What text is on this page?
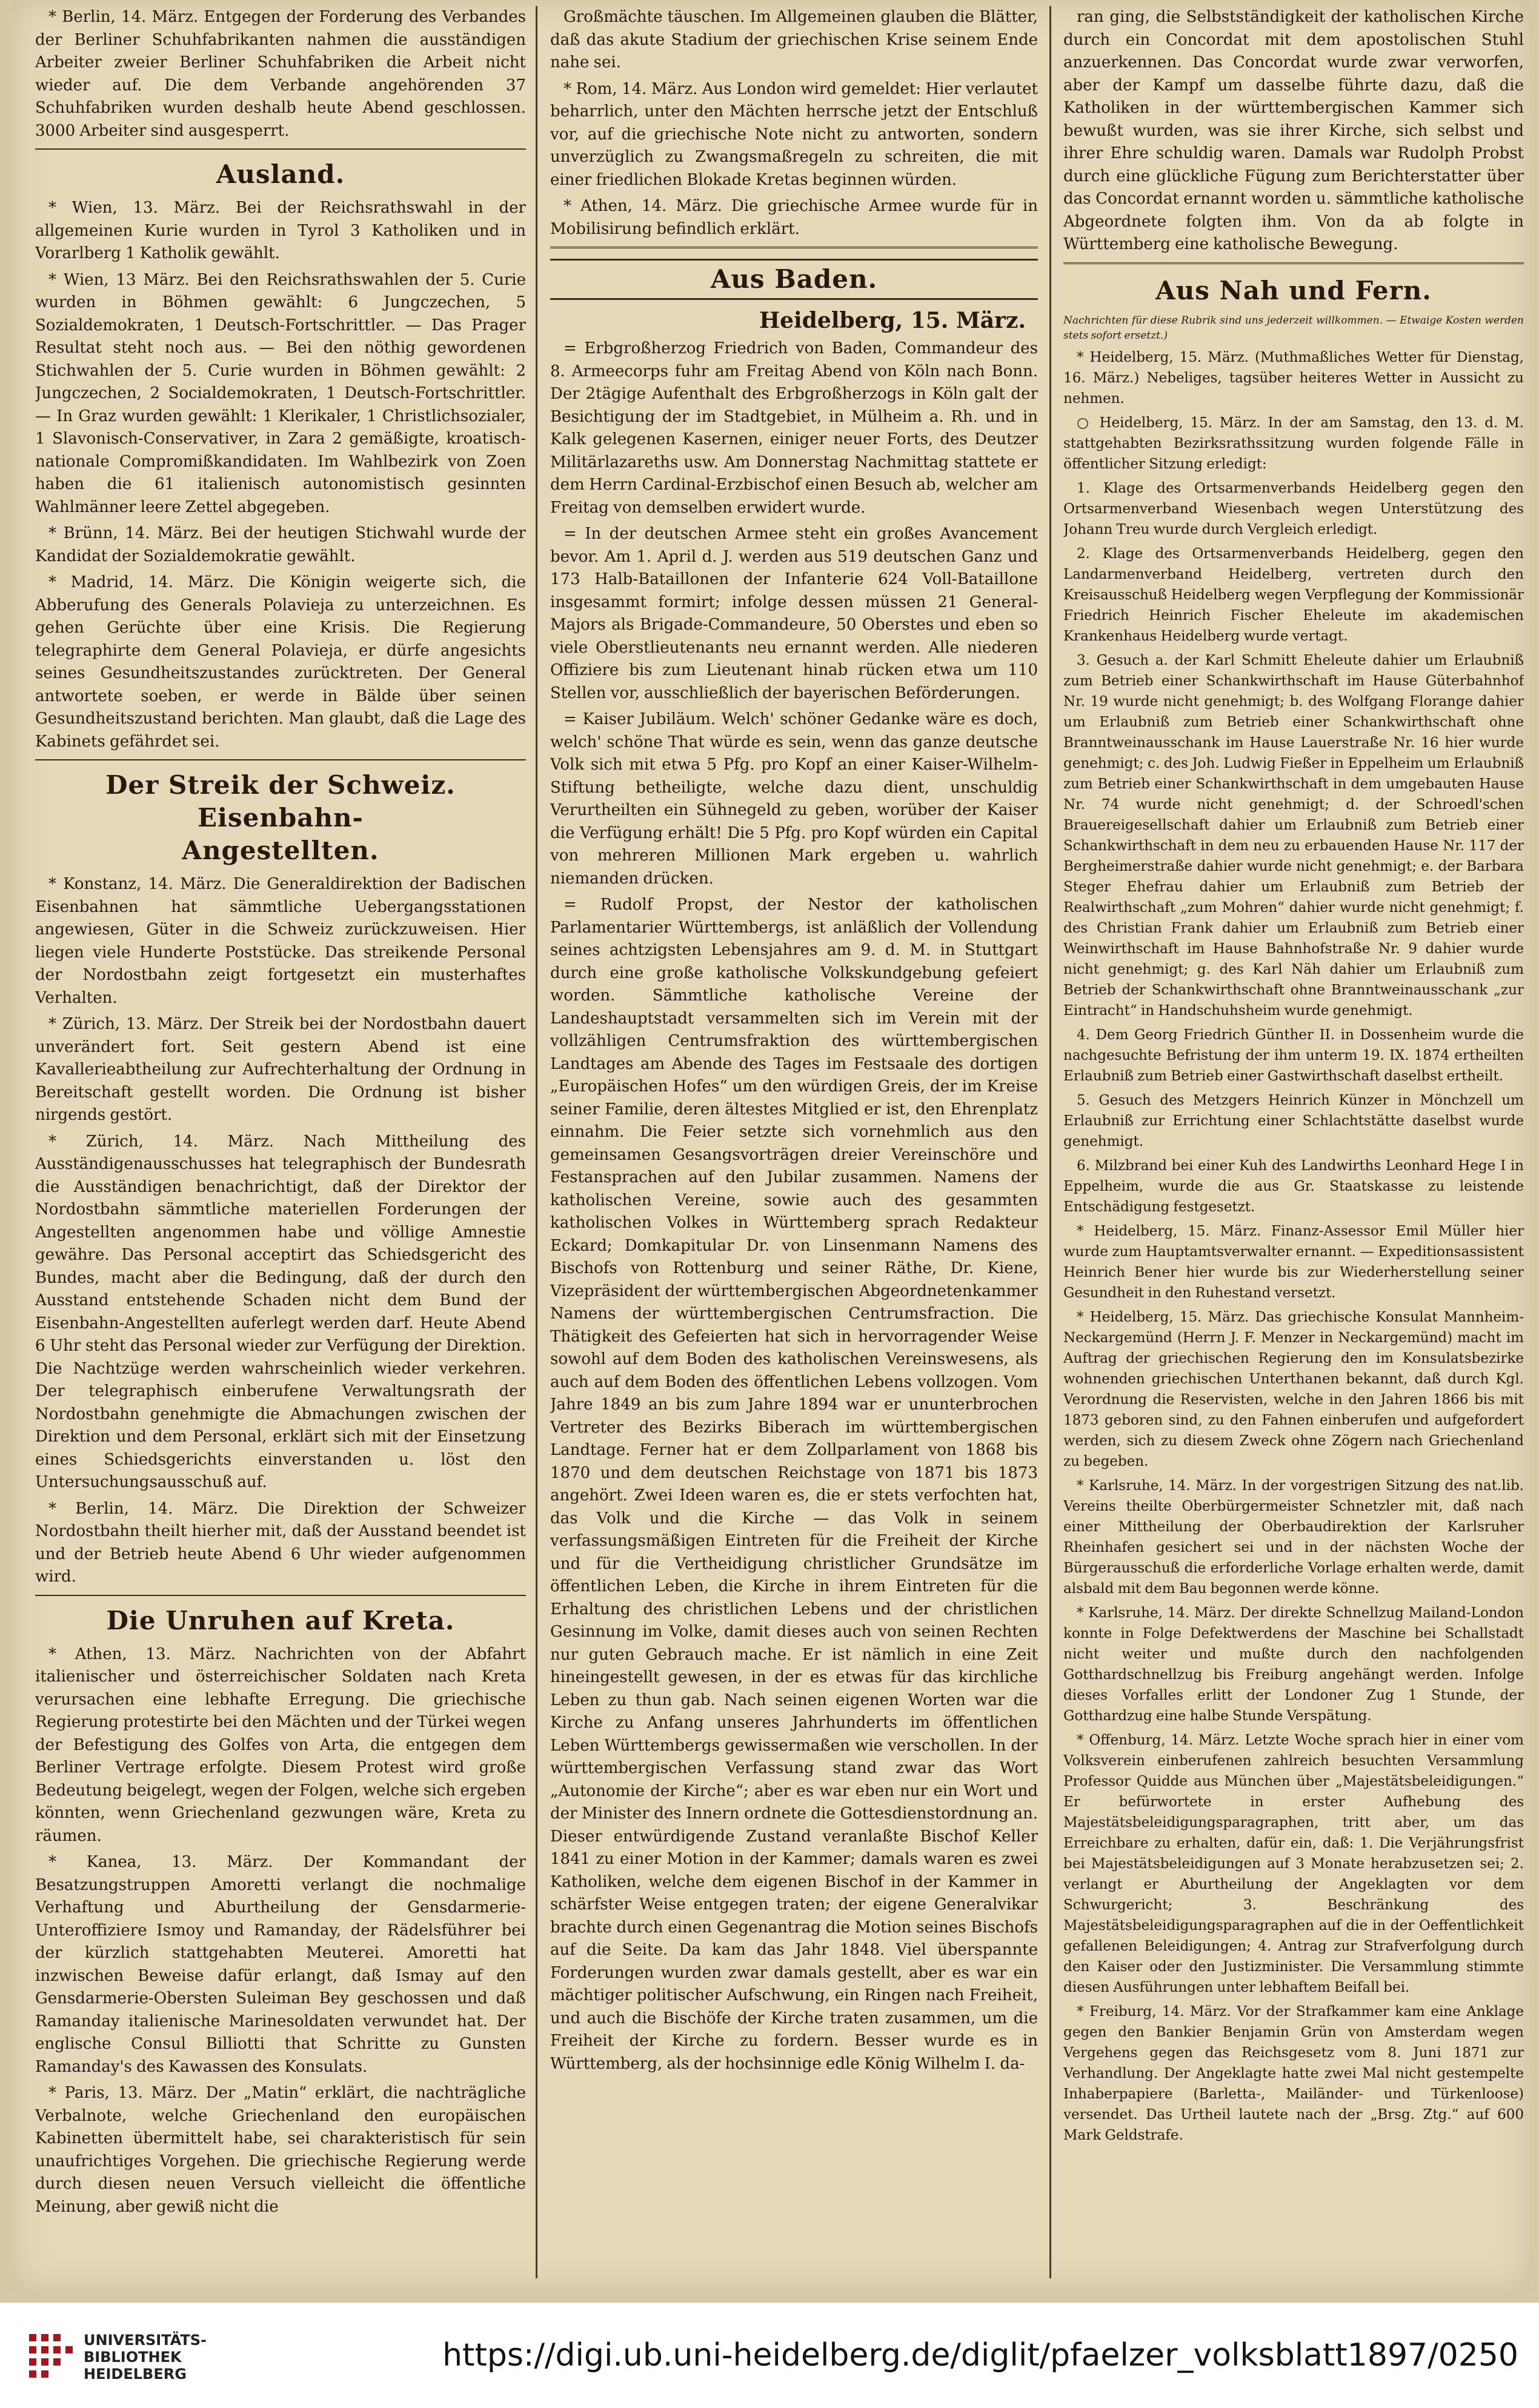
* Berlin, 14. März. Entgegen der Forderung des Verbandes der Berliner Schuhfabrikanten nahmen die ausständigen Arbeiter zweier Berliner Schuhfabriken die Arbeit nicht wieder auf. Die dem Verbande angehörenden 37 Schuhfabriken wurden deshalb heute Abend geschlossen. 3000 Arbeiter sind ausgesperrt.

Ausland.

* Wien, 13. März. Bei der Reichsrathswahl in der allgemeinen Kurie wurden in Tyrol 3 Katholiken und in Vorarlberg 1 Katholik gewählt.

* Wien, 13 März. Bei den Reichsrathswahlen der 5. Curie wurden in Böhmen gewählt: 6 Jungczechen, 5 Sozialdemokraten, 1 Deutsch-Fortschrittler. — Das Prager Resultat steht noch aus. — Bei den nöthig gewordenen Stichwahlen der 5. Curie wurden in Böhmen gewählt: 2 Jungczechen, 2 Socialdemokraten, 1 Deutsch-Fortschrittler. — In Graz wurden gewählt: 1 Klerikaler, 1 Christlichsozialer, 1 Slavonisch-Conservativer, in Zara 2 gemäßigte, kroatisch-nationale Compromißkandidaten. Im Wahlbezirk von Zoen haben die 61 italienisch autonomistisch gesinnten Wahlmänner leere Zettel abgegeben.

* Brünn, 14. März. Bei der heutigen Stichwahl wurde der Kandidat der Sozialdemokratie gewählt.

* Madrid, 14. März. Die Königin weigerte sich, die Abberufung des Generals Polavieja zu unterzeichnen. Es gehen Gerüchte über eine Krisis. Die Regierung telegraphirte dem General Polavieja, er dürfe angesichts seines Gesundheitszustandes zurücktreten. Der General antwortete soeben, er werde in Bälde über seinen Gesundheitszustand berichten. Man glaubt, daß die Lage des Kabinets gefährdet sei.

Der Streik der Schweiz. Eisenbahn-
Angestellten.

* Konstanz, 14. März. Die Generaldirektion der Badischen Eisenbahnen hat sämmtliche Uebergangsstationen angewiesen, Güter in die Schweiz zurückzuweisen. Hier liegen viele Hunderte Poststücke. Das streikende Personal der Nordostbahn zeigt fortgesetzt ein musterhaftes Verhalten.

* Zürich, 13. März. Der Streik bei der Nordostbahn dauert unverändert fort. Seit gestern Abend ist eine Kavallerieabtheilung zur Aufrechterhaltung der Ordnung in Bereitschaft gestellt worden. Die Ordnung ist bisher nirgends gestört.

* Zürich, 14. März. Nach Mittheilung des Ausständigenausschusses hat telegraphisch der Bundesrath die Ausständigen benachrichtigt, daß der Direktor der Nordostbahn sämmtliche materiellen Forderungen der Angestellten angenommen habe und völlige Amnestie gewähre. Das Personal acceptirt das Schiedsgericht des Bundes, macht aber die Bedingung, daß der durch den Ausstand entstehende Schaden nicht dem Bund der Eisenbahn-Angestellten auferlegt werden darf. Heute Abend 6 Uhr steht das Personal wieder zur Verfügung der Direktion. Die Nachtzüge werden wahrscheinlich wieder verkehren. Der telegraphisch einberufene Verwaltungsrath der Nordostbahn genehmigte die Abmachungen zwischen der Direktion und dem Personal, erklärt sich mit der Einsetzung eines Schiedsgerichts einverstanden u. löst den Untersuchungsausschuß auf.

* Berlin, 14. März. Die Direktion der Schweizer Nordostbahn theilt hierher mit, daß der Ausstand beendet ist und der Betrieb heute Abend 6 Uhr wieder aufgenommen wird.

Die Unruhen auf Kreta.

* Athen, 13. März. Nachrichten von der Abfahrt italienischer und österreichischer Soldaten nach Kreta verursachen eine lebhafte Erregung. Die griechische Regierung protestirte bei den Mächten und der Türkei wegen der Befestigung des Golfes von Arta, die entgegen dem Berliner Vertrage erfolgte. Diesem Protest wird große Bedeutung beigelegt, wegen der Folgen, welche sich ergeben könnten, wenn Griechenland gezwungen wäre, Kreta zu räumen.

* Kanea, 13. März. Der Kommandant der Besatzungstruppen Amoretti verlangt die nochmalige Verhaftung und Aburtheilung der Gensdarmerie-Unteroffiziere Ismoy und Ramanday, der Rädelsführer bei der kürzlich stattgehabten Meuterei. Amoretti hat inzwischen Beweise dafür erlangt, daß Ismay auf den Gensdarmerie-Obersten Suleiman Bey geschossen und daß Ramanday italienische Marinesoldaten verwundet hat. Der englische Consul Billiotti that Schritte zu Gunsten Ramanday's des Kawassen des Konsulats.

* Paris, 13. März. Der „Matin“ erklärt, die nachträgliche Verbalnote, welche Griechenland den europäischen Kabinetten übermittelt habe, sei charakteristisch für sein unaufrichtiges Vorgehen. Die griechische Regierung werde durch diesen neuen Versuch vielleicht die öffentliche Meinung, aber gewiß nicht die

Großmächte täuschen. Im Allgemeinen glauben die Blätter, daß das akute Stadium der griechischen Krise seinem Ende nahe sei.

* Rom, 14. März. Aus London wird gemeldet: Hier verlautet beharrlich, unter den Mächten herrsche jetzt der Entschluß vor, auf die griechische Note nicht zu antworten, sondern unverzüglich zu Zwangsmaßregeln zu schreiten, die mit einer friedlichen Blokade Kretas beginnen würden.

* Athen, 14. März. Die griechische Armee wurde für in Mobilisirung befindlich erklärt.

Aus Baden.
Heidelberg, 15. März.

= Erbgroßherzog Friedrich von Baden, Commandeur des 8. Armeecorps fuhr am Freitag Abend von Köln nach Bonn. Der 2tägige Aufenthalt des Erbgroßherzogs in Köln galt der Besichtigung der im Stadtgebiet, in Mülheim a. Rh. und in Kalk gelegenen Kasernen, einiger neuer Forts, des Deutzer Militärlazareths usw. Am Donnerstag Nachmittag stattete er dem Herrn Cardinal-Erzbischof einen Besuch ab, welcher am Freitag von demselben erwidert wurde.

= In der deutschen Armee steht ein großes Avancement bevor. Am 1. April d. J. werden aus 519 deutschen Ganz und 173 Halb-Bataillonen der Infanterie 624 Voll-Bataillone insgesammt formirt; infolge dessen müssen 21 General-Majors als Brigade-Commandeure, 50 Oberstes und eben so viele Oberstlieutenants neu ernannt werden. Alle niederen Offiziere bis zum Lieutenant hinab rücken etwa um 110 Stellen vor, ausschließlich der bayerischen Beförderungen.

= Kaiser Jubiläum. Welch' schöner Gedanke wäre es doch, welch' schöne That würde es sein, wenn das ganze deutsche Volk sich mit etwa 5 Pfg. pro Kopf an einer Kaiser-Wilhelm-Stiftung betheiligte, welche dazu dient, unschuldig Verurtheilten ein Sühnegeld zu geben, worüber der Kaiser die Verfügung erhält! Die 5 Pfg. pro Kopf würden ein Capital von mehreren Millionen Mark ergeben u. wahrlich niemanden drücken.

= Rudolf Propst, der Nestor der katholischen Parlamentarier Württembergs, ist anläßlich der Vollendung seines achtzigsten Lebensjahres am 9. d. M. in Stuttgart durch eine große katholische Volkskundgebung gefeiert worden. Sämmtliche katholische Vereine der Landeshauptstadt versammelten sich im Verein mit der vollzähligen Centrumsfraktion des württembergischen Landtages am Abende des Tages im Festsaale des dortigen „Europäischen Hofes“ um den würdigen Greis, der im Kreise seiner Familie, deren ältestes Mitglied er ist, den Ehrenplatz einnahm. Die Feier setzte sich vornehmlich aus den gemeinsamen Gesangsvorträgen dreier Vereinschöre und Festansprachen auf den Jubilar zusammen. Namens der katholischen Vereine, sowie auch des gesammten katholischen Volkes in Württemberg sprach Redakteur Eckard; Domkapitular Dr. von Linsenmann Namens des Bischofs von Rottenburg und seiner Räthe, Dr. Kiene, Vizepräsident der württembergischen Abgeordnetenkammer Namens der württembergischen Centrumsfraction. Die Thätigkeit des Gefeierten hat sich in hervorragender Weise sowohl auf dem Boden des katholischen Vereinswesens, als auch auf dem Boden des öffentlichen Lebens vollzogen. Vom Jahre 1849 an bis zum Jahre 1894 war er ununterbrochen Vertreter des Bezirks Biberach im württembergischen Landtage. Ferner hat er dem Zollparlament von 1868 bis 1870 und dem deutschen Reichstage von 1871 bis 1873 angehört. Zwei Ideen waren es, die er stets verfochten hat, das Volk und die Kirche — das Volk in seinem verfassungsmäßigen Eintreten für die Freiheit der Kirche und für die Vertheidigung christlicher Grundsätze im öffentlichen Leben, die Kirche in ihrem Eintreten für die Erhaltung des christlichen Lebens und der christlichen Gesinnung im Volke, damit dieses auch von seinen Rechten nur guten Gebrauch mache. Er ist nämlich in eine Zeit hineingestellt gewesen, in der es etwas für das kirchliche Leben zu thun gab. Nach seinen eigenen Worten war die Kirche zu Anfang unseres Jahrhunderts im öffentlichen Leben Württembergs gewissermaßen wie verschollen. In der württembergischen Verfassung stand zwar das Wort „Autonomie der Kirche“; aber es war eben nur ein Wort und der Minister des Innern ordnete die Gottesdienstordnung an. Dieser entwürdigende Zustand veranlaßte Bischof Keller 1841 zu einer Motion in der Kammer; damals waren es zwei Katholiken, welche dem eigenen Bischof in der Kammer in schärfster Weise entgegen traten; der eigene Generalvikar brachte durch einen Gegenantrag die Motion seines Bischofs auf die Seite. Da kam das Jahr 1848. Viel überspannte Forderungen wurden zwar damals gestellt, aber es war ein mächtiger politischer Aufschwung, ein Ringen nach Freiheit, und auch die Bischöfe der Kirche traten zusammen, um die Freiheit der Kirche zu fordern. Besser wurde es in Württemberg, als der hochsinnige edle König Wilhelm I. da-

ran ging, die Selbstständigkeit der katholischen Kirche durch ein Concordat mit dem apostolischen Stuhl anzuerkennen. Das Concordat wurde zwar verworfen, aber der Kampf um dasselbe führte dazu, daß die Katholiken in der württembergischen Kammer sich bewußt wurden, was sie ihrer Kirche, sich selbst und ihrer Ehre schuldig waren. Damals war Rudolph Probst durch eine glückliche Fügung zum Berichterstatter über das Concordat ernannt worden u. sämmtliche katholische Abgeordnete folgten ihm. Von da ab folgte in Württemberg eine katholische Bewegung.

Aus Nah und Fern.

Nachrichten für diese Rubrik sind uns jederzeit willkommen. — Etwaige Kosten werden stets sofort ersetzt.)

* Heidelberg, 15. März. (Muthmaßliches Wetter für Dienstag, 16. März.) Nebeliges, tagsüber heiteres Wetter in Aussicht zu nehmen.

○ Heidelberg, 15. März. In der am Samstag, den 13. d. M. stattgehabten Bezirksrathssitzung wurden folgende Fälle in öffentlicher Sitzung erledigt:

1. Klage des Ortsarmenverbands Heidelberg gegen den Ortsarmenverband Wiesenbach wegen Unterstützung des Johann Treu wurde durch Vergleich erledigt.

2. Klage des Ortsarmenverbands Heidelberg, gegen den Landarmenverband Heidelberg, vertreten durch den Kreisausschuß Heidelberg wegen Verpflegung der Kommissionär Friedrich Heinrich Fischer Eheleute im akademischen Krankenhaus Heidelberg wurde vertagt.

3. Gesuch a. der Karl Schmitt Eheleute dahier um Erlaubniß zum Betrieb einer Schankwirthschaft im Hause Güterbahnhof Nr. 19 wurde nicht genehmigt; b. des Wolfgang Florange dahier um Erlaubniß zum Betrieb einer Schankwirthschaft ohne Branntweinausschank im Hause Lauerstraße Nr. 16 hier wurde genehmigt; c. des Joh. Ludwig Fießer in Eppelheim um Erlaubniß zum Betrieb einer Schankwirthschaft in dem umgebauten Hause Nr. 74 wurde nicht genehmigt; d. der Schroedl'schen Brauereigesellschaft dahier um Erlaubniß zum Betrieb einer Schankwirthschaft in dem neu zu erbauenden Hause Nr. 117 der Bergheimerstraße dahier wurde nicht genehmigt; e. der Barbara Steger Ehefrau dahier um Erlaubniß zum Betrieb der Realwirthschaft „zum Mohren“ dahier wurde nicht genehmigt; f. des Christian Frank dahier um Erlaubniß zum Betrieb einer Weinwirthschaft im Hause Bahnhofstraße Nr. 9 dahier wurde nicht genehmigt; g. des Karl Näh dahier um Erlaubniß zum Betrieb der Schankwirthschaft ohne Branntweinausschank „zur Eintracht“ in Handschuhsheim wurde genehmigt.

4. Dem Georg Friedrich Günther II. in Dossenheim wurde die nachgesuchte Befristung der ihm unterm 19. IX. 1874 ertheilten Erlaubniß zum Betrieb einer Gastwirthschaft daselbst ertheilt.

5. Gesuch des Metzgers Heinrich Künzer in Mönchzell um Erlaubniß zur Errichtung einer Schlachtstätte daselbst wurde genehmigt.

6. Milzbrand bei einer Kuh des Landwirths Leonhard Hege I in Eppelheim, wurde die aus Gr. Staatskasse zu leistende Entschädigung festgesetzt.

* Heidelberg, 15. März. Finanz-Assessor Emil Müller hier wurde zum Hauptamtsverwalter ernannt. — Expeditionsassistent Heinrich Bener hier wurde bis zur Wiederherstellung seiner Gesundheit in den Ruhestand versetzt.

* Heidelberg, 15. März. Das griechische Konsulat Mannheim-Neckargemünd (Herrn J. F. Menzer in Neckargemünd) macht im Auftrag der griechischen Regierung den im Konsulatsbezirke wohnenden griechischen Unterthanen bekannt, daß durch Kgl. Verordnung die Reservisten, welche in den Jahren 1866 bis mit 1873 geboren sind, zu den Fahnen einberufen und aufgefordert werden, sich zu diesem Zweck ohne Zögern nach Griechenland zu begeben.

* Karlsruhe, 14. März. In der vorgestrigen Sitzung des nat.lib. Vereins theilte Oberbürgermeister Schnetzler mit, daß nach einer Mittheilung der Oberbaudirektion der Karlsruher Rheinhafen gesichert sei und in der nächsten Woche der Bürgerausschuß die erforderliche Vorlage erhalten werde, damit alsbald mit dem Bau begonnen werde könne.

* Karlsruhe, 14. März. Der direkte Schnellzug Mailand-London konnte in Folge Defektwerdens der Maschine bei Schallstadt nicht weiter und mußte durch den nachfolgenden Gotthardschnellzug bis Freiburg angehängt werden. Infolge dieses Vorfalles erlitt der Londoner Zug 1 Stunde, der Gotthardzug eine halbe Stunde Verspätung.

* Offenburg, 14. März. Letzte Woche sprach hier in einer vom Volksverein einberufenen zahlreich besuchten Versammlung Professor Quidde aus München über „Majestätsbeleidigungen.“ Er befürwortete in erster Aufhebung des Majestätsbeleidigungsparagraphen, tritt aber, um das Erreichbare zu erhalten, dafür ein, daß: 1. Die Verjährungsfrist bei Majestätsbeleidigungen auf 3 Monate herabzusetzen sei; 2. verlangt er Aburtheilung der Angeklagten vor dem Schwurgericht; 3. Beschränkung des Majestätsbeleidigungsparagraphen auf die in der Oeffentlichkeit gefallenen Beleidigungen; 4. Antrag zur Strafverfolgung durch den Kaiser oder den Justizminister. Die Versammlung stimmte diesen Ausführungen unter lebhaftem Beifall bei.

* Freiburg, 14. März. Vor der Strafkammer kam eine Anklage gegen den Bankier Benjamin Grün von Amsterdam wegen Vergehens gegen das Reichsgesetz vom 8. Juni 1871 zur Verhandlung. Der Angeklagte hatte zwei Mal nicht gestempelte Inhaberpapiere (Barletta-, Mailänder- und Türkenloose) versendet. Das Urtheil lautete nach der „Brsg. Ztg.“ auf 600 Mark Geldstrafe.

UNIVERSITÄTS-
BIBLIOTHEK
HEIDELBERG
https://digi.ub.uni-heidelberg.de/diglit/pfaelzer_volksblatt1897/0250
